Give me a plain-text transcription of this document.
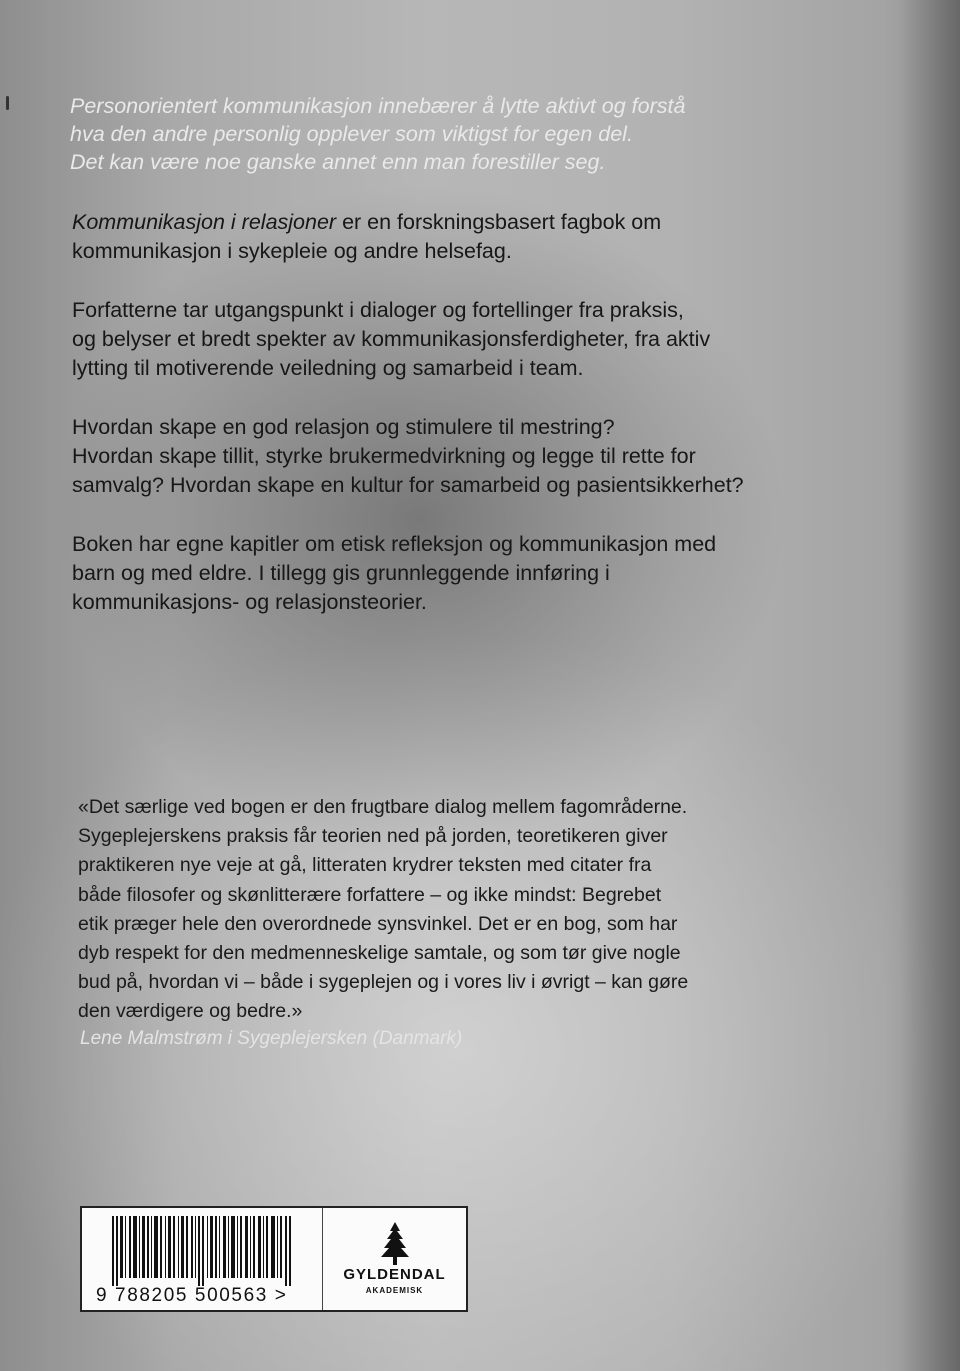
Personorientert kommunikasjon innebærer å lytte aktivt og forstå
hva den andre personlig opplever som viktigst for egen del.
Det kan være noe ganske annet enn man forestiller seg.
Kommunikasjon i relasjoner er en forskningsbasert fagbok om
kommunikasjon i sykepleie og andre helsefag.
Forfatterne tar utgangspunkt i dialoger og fortellinger fra praksis,
og belyser et bredt spekter av kommunikasjonsferdigheter, fra aktiv
lytting til motiverende veiledning og samarbeid i team.
Hvordan skape en god relasjon og stimulere til mestring?
Hvordan skape tillit, styrke brukermedvirkning og legge til rette for
samvalg? Hvordan skape en kultur for samarbeid og pasientsikkerhet?
Boken har egne kapitler om etisk refleksjon og kommunikasjon med
barn og med eldre. I tillegg gis grunnleggende innføring i
kommunikasjons- og relasjonsteorier.
«Det særlige ved bogen er den frugtbare dialog mellem fagområderne.
Sygeplejerskens praksis får teorien ned på jorden, teoretikeren giver
praktikeren nye veje at gå, litteraten krydrer teksten med citater fra
både filosofer og skønlitterære forfattere – og ikke mindst: Begrebet
etik præger hele den overordnede synsvinkel. Det er en bog, som har
dyb respekt for den medmenneskelige samtale, og som tør give nogle
bud på, hvordan vi – både i sygeplejen og i vores liv i øvrigt – kan gøre
den værdigere og bedre.»
Lene Malmstrøm i Sygeplejersken (Danmark)
9 788205 500563 >
GYLDENDAL
AKADEMISK
